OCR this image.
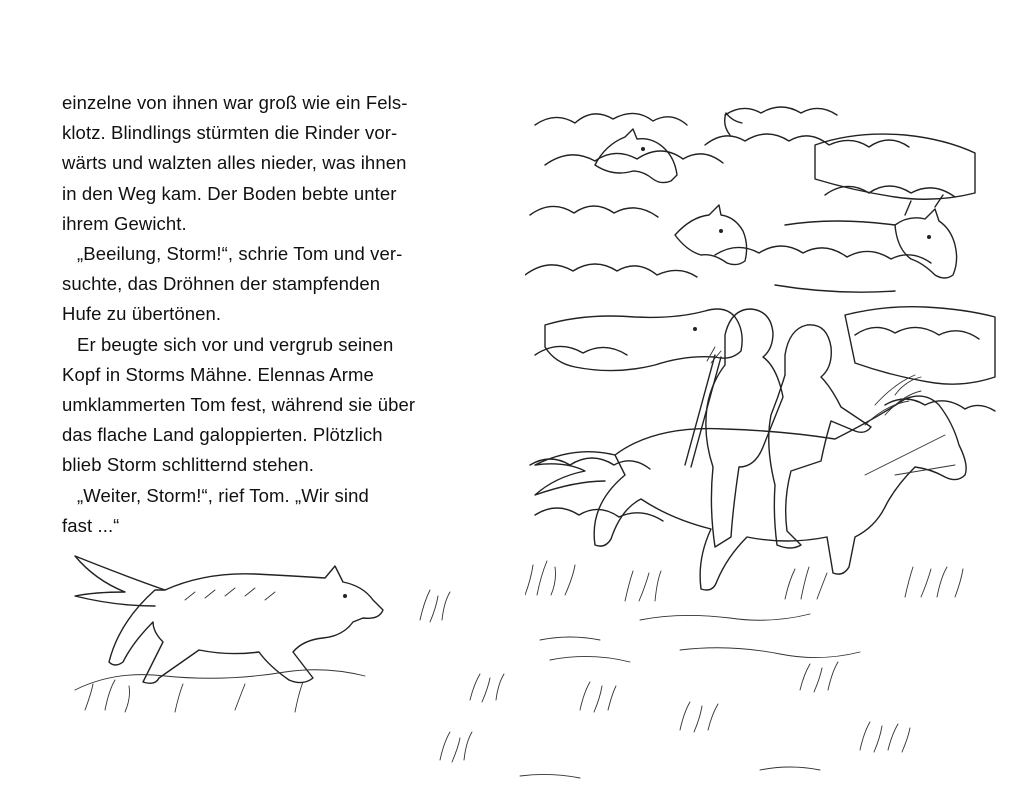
einzelne von ihnen war groß wie ein Fels-
klotz. Blindlings stürmten die Rinder vor-
wärts und walzten alles nieder, was ihnen
in den Weg kam. Der Boden bebte unter
ihrem Gewicht.
„Beeilung, Storm!“, schrie Tom und ver-
suchte, das Dröhnen der stampfenden
Hufe zu übertönen.
Er beugte sich vor und vergrub seinen
Kopf in Storms Mähne. Elennas Arme
umklammerten Tom fest, während sie über
das flache Land galoppierten. Plötzlich
blieb Storm schlitternd stehen.
„Weiter, Storm!“, rief Tom. „Wir sind
fast ...“
